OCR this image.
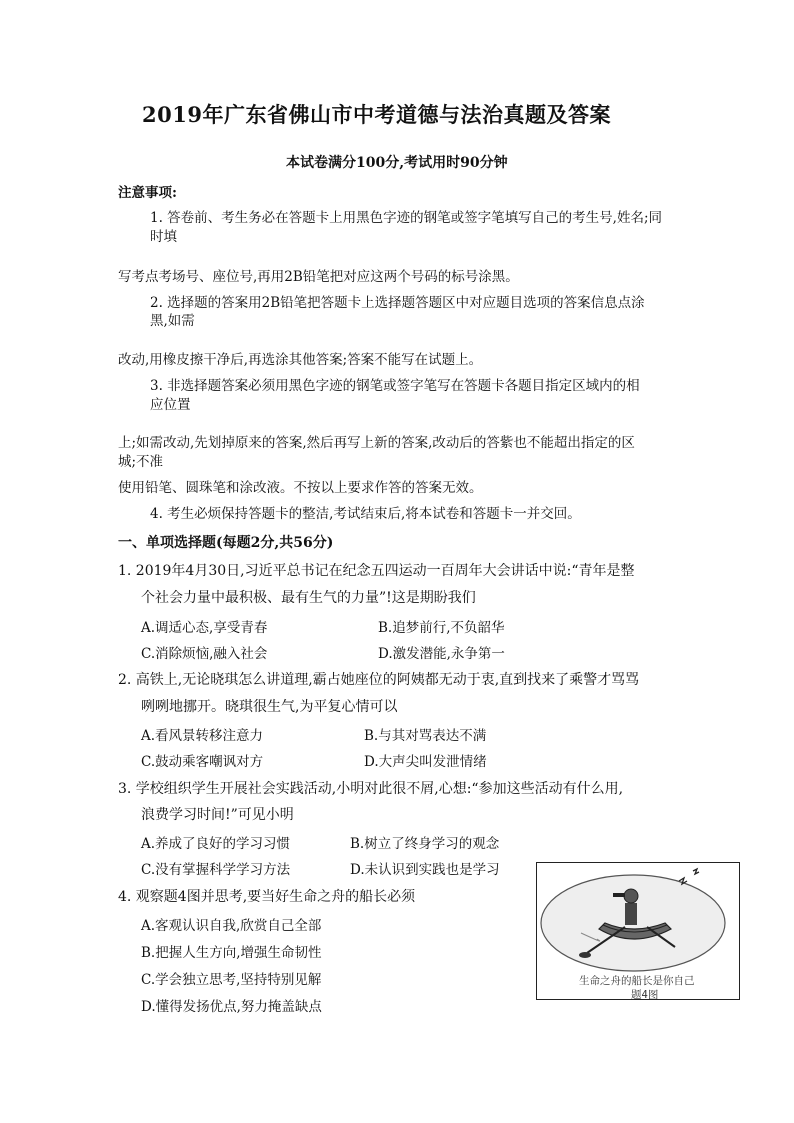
2019年广东省佛山市中考道德与法治真题及答案
本试卷满分100分,考试用时90分钟
注意事项:
1. 答卷前、考生务必在答题卡上用黑色字迹的钢笔或签字笔填写自己的考生号,姓名;同
时填
写考点考场号、座位号,再用2B铅笔把对应这两个号码的标号涂黑。
2. 选择题的答案用2B铅笔把答题卡上选择题答题区中对应题目选项的答案信息点涂
黑,如需
改动,用橡皮擦干净后,再选涂其他答案;答案不能写在试题上。
3. 非选择题答案必须用黑色字迹的钢笔或签字笔写在答题卡各题目指定区域内的相
应位置
上;如需改动,先划掉原来的答案,然后再写上新的答案,改动后的答紫也不能超出指定的区
城;不准
使用铅笔、圆珠笔和涂改液。不按以上要求作答的答案无效。
4. 考生必烦保持答题卡的整洁,考试结束后,将本试卷和答题卡一并交回。
一、单项选择题(每题2分,共56分)
1. 2019年4月30日,习近平总书记在纪念五四运动一百周年大会讲话中说:“青年是整
个社会力量中最积极、最有生气的力量”!这是期盼我们
A.调适心态,享受青春	B.追梦前行,不负韶华
C.消除烦恼,融入社会	D.激发潜能,永争第一
2. 高铁上,无论晓琪怎么讲道理,霸占她座位的阿姨都无动于衷,直到找来了乘警才骂骂
咧咧地挪开。晓琪很生气,为平复心情可以
A.看风景转移注意力	B.与其对骂表达不满
C.鼓动乘客嘲讽对方	D.大声尖叫发泄情绪
3. 学校组织学生开展社会实践活动,小明对此很不屑,心想:“参加这些活动有什么用,
浪费学习时间!”可见小明
A.养成了良好的学习习惯	B.树立了终身学习的观念
C.没有掌握科学学习方法	D.未认识到实践也是学习
4. 观察题4图并思考,要当好生命之舟的船长必须
A.客观认识自我,欣赏自己全部
B.把握人生方向,增强生命韧性
C.学会独立思考,坚持特别见解
D.懂得发扬优点,努力掩盖缺点
生命之舟的船长是你自己
题4图
